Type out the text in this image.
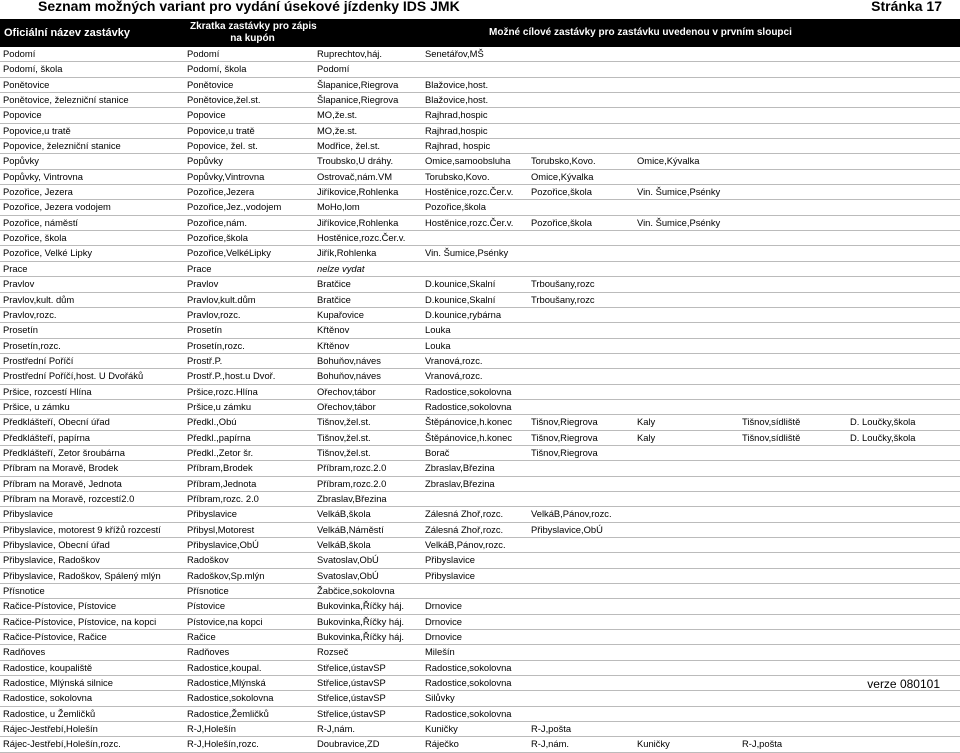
Seznam možných variant pro vydání úsekové jízdenky IDS JMK	Stránka 17
Oficiální název zastávky
Zkratka zastávky pro zápis
na kupón
Možné cílové zastávky pro zastávku uvedenou v prvním sloupci
Podomí	Podomí	Ruprechtov,háj.	Senetářov,MŠ
Podomí, škola	Podomí, škola	Podomí
Ponětovice	Ponětovice	Šlapanice,Riegrova	Blažovice,host.
Ponětovice, železniční stanice	Ponětovice,žel.st.	Šlapanice,Riegrova	Blažovice,host.
Popovice	Popovice	MO,že.st.	Rajhrad,hospic
Popovice,u tratě	Popovice,u tratě	MO,že.st.	Rajhrad,hospic
Popovice, železniční stanice	Popovice, žel. st.	Modřice, žel.st.	Rajhrad, hospic
Popůvky	Popůvky	Troubsko,U dráhy.	Omice,samoobsluha	Torubsko,Kovo.	Omice,Kývalka
Popůvky, Vintrovna	Popůvky,Vintrovna	Ostrovač,nám.VM	Torubsko,Kovo.	Omice,Kývalka
Pozořice, Jezera	Pozořice,Jezera	Jiříkovice,Rohlenka	Hostěnice,rozc.Čer.v.	Pozořice,škola	Vin. Šumice,Psénky
Pozořice, Jezera vodojem	Pozořice,Jez.,vodojem	MoHo,lom	Pozořice,škola
Pozořice, náměstí	Pozořice,nám.	Jiříkovice,Rohlenka	Hostěnice,rozc.Čer.v.	Pozořice,škola	Vin. Šumice,Psénky
Pozořice, škola	Pozořice,škola	Hostěnice,rozc.Čer.v.
Pozořice, Velké Lipky	Pozořice,VelkéLipky	Jiřík,Rohlenka	Vin. Šumice,Psénky
Prace	Prace	nelze vydat
Pravlov	Pravlov	Bratčice	D.kounice,Skalní	Trboušany,rozc
Pravlov,kult. dům	Pravlov,kult.dům	Bratčice	D.kounice,Skalní	Trboušany,rozc
Pravlov,rozc.	Pravlov,rozc.	Kupařovice	D.kounice,rybárna
Prosetín	Prosetín	Křtěnov	Louka
Prosetín,rozc.	Prosetín,rozc.	Křtěnov	Louka
Prostřední Poříčí	Prostř.P.	Bohuňov,náves	Vranová,rozc.
Prostřední Poříčí,host. U Dvořáků	Prostř.P.,host.u Dvoř.	Bohuňov,náves	Vranová,rozc.
Pršice, rozcestí Hlína	Pršice,rozc.Hlína	Ořechov,tábor	Radostice,sokolovna
Pršice, u zámku	Pršice,u zámku	Ořechov,tábor	Radostice,sokolovna
Předklášteří, Obecní úřad	Předkl.,Obú	Tišnov,žel.st.	Štěpánovice,h.konec	Tišnov,Riegrova	Kaly	Tišnov,sídliště	D. Loučky,škola
Předklášteří, papírna	Předkl.,papírna	Tišnov,žel.st.	Štěpánovice,h.konec	Tišnov,Riegrova	Kaly	Tišnov,sídliště	D. Loučky,škola
Předklášteří, Zetor šroubárna	Předkl.,Zetor šr.	Tišnov,žel.st.	Borač	Tišnov,Riegrova
Příbram na Moravě, Brodek	Příbram,Brodek	Příbram,rozc.2.0	Zbraslav,Březina
Příbram na Moravě, Jednota	Příbram,Jednota	Příbram,rozc.2.0	Zbraslav,Březina
Příbram na Moravě, rozcestí2.0	Příbram,rozc. 2.0	Zbraslav,Březina
Přibyslavice	Přibyslavice	VelkáB,škola	Zálesná Zhoř,rozc.	VelkáB,Pánov,rozc.
Přibyslavice, motorest 9 křížů rozcestí	Přibysl,Motorest	VelkáB,Náměstí	Zálesná Zhoř,rozc.	Přibyslavice,ObÚ
Přibyslavice, Obecní úřad	Přibyslavice,ObÚ	VelkáB,škola	VelkáB,Pánov,rozc.
Přibyslavice, Radoškov	Radoškov	Svatoslav,ObÚ	Přibyslavice
Přibyslavice, Radoškov, Spálený mlýn	Radoškov,Sp.mlýn	Svatoslav,ObÚ	Přibyslavice
Přísnotice	Přísnotice	Žabčice,sokolovna
Račice-Pístovice, Pístovice	Pístovice	Bukovinka,Říčky háj.	Drnovice
Račice-Pístovice, Pístovice, na kopci	Pístovice,na kopci	Bukovinka,Říčky háj.	Drnovice
Račice-Pístovice, Račice	Račice	Bukovinka,Říčky háj.	Drnovice
Radňoves	Radňoves	Rozseč	Milešín
Radostice, koupaliště	Radostice,koupal.	Střelice,ústavSP	Radostice,sokolovna
Radostice, Mlýnská silnice	Radostice,Mlýnská	Střelice,ústavSP	Radostice,sokolovna
Radostice, sokolovna	Radostice,sokolovna	Střelice,ústavSP	Silůvky
Radostice, u Žemličků	Radostice,Žemličků	Střelice,ústavSP	Radostice,sokolovna
Rájec-Jestřebí,Holešín	R-J,Holešín	R-J,nám.	Kuničky	R-J,pošta
Rájec-Jestřebí,Holešín,rozc.	R-J,Holešín,rozc.	Doubravice,ZD	Ráječko	R-J,nám.	Kuničky	R-J,pošta
verze 080101
